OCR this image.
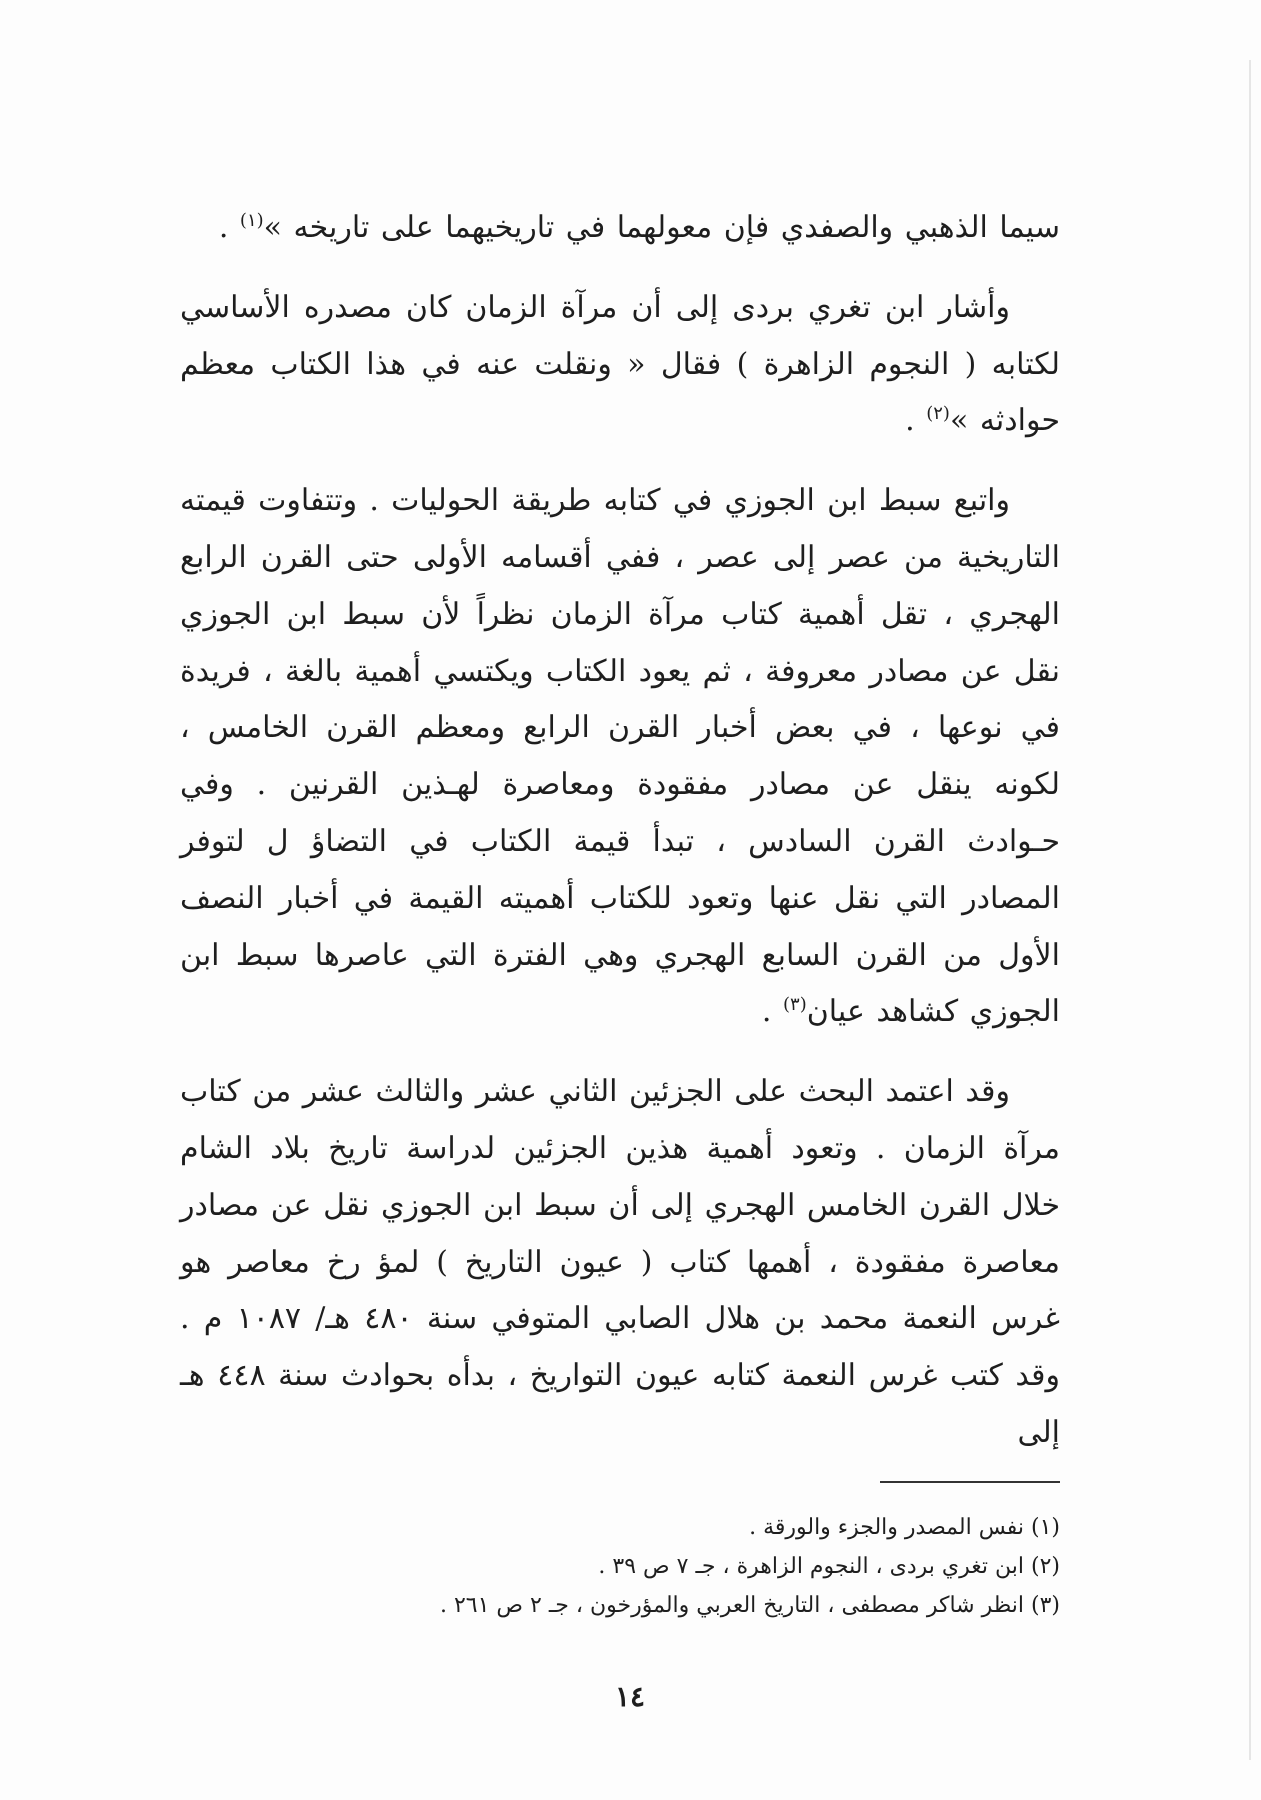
سيما الذهبي والصفدي فإن معولهما في تاريخيهما على تاريخه »$^{(١)}$ .

وأشار ابن تغري بردى إلى أن مرآة الزمان كان مصدره الأساسي لكتابه ( النجوم الزاهرة ) فقال « ونقلت عنه في هذا الكتاب معظم حوادثه »$^{(٢)}$ .

واتبع سبط ابن الجوزي في كتابه طريقة الحوليات . وتتفاوت قيمته التاريخية من عصر إلى عصر ، ففي أقسامه الأولى حتى القرن الرابع الهجري ، تقل أهمية كتاب مرآة الزمان نظراً لأن سبط ابن الجوزي نقل عن مصادر معروفة ، ثم يعود الكتاب ويكتسي أهمية بالغة ، فريدة في نوعها ، في بعض أخبار القرن الرابع ومعظم القرن الخامس ، لكونه ينقل عن مصادر مفقودة ومعاصرة لهـذين القرنين . وفي حـوادث القرن السادس ، تبدأ قيمة الكتاب في التضاؤ ل لتوفر المصادر التي نقل عنها وتعود للكتاب أهميته القيمة في أخبار النصف الأول من القرن السابع الهجري وهي الفترة التي عاصرها سبط ابن الجوزي كشاهد عيان$^{(٣)}$ .

وقد اعتمد البحث على الجزئين الثاني عشر والثالث عشر من كتاب مرآة الزمان . وتعود أهمية هذين الجزئين لدراسة تاريخ بلاد الشام خلال القرن الخامس الهجري إلى أن سبط ابن الجوزي نقل عن مصادر معاصرة مفقودة ، أهمها كتاب ( عيون التاريخ ) لمؤ رخ معاصر هو غرس النعمة محمد بن هلال الصابي المتوفي سنة ٤٨٠ هـ/ ١٠٨٧ م . وقد كتب غرس النعمة كتابه عيون التواريخ ، بدأه بحوادث سنة ٤٤٨ هـ إلى

(١) نفس المصدر والجزء والورقة .
(٢) ابن تغري بردى ، النجوم الزاهرة ، جـ ٧ ص ٣٩ .
(٣) انظر شاكر مصطفى ، التاريخ العربي والمؤرخون ، جـ ٢ ص ٢٦١ .
١٤
